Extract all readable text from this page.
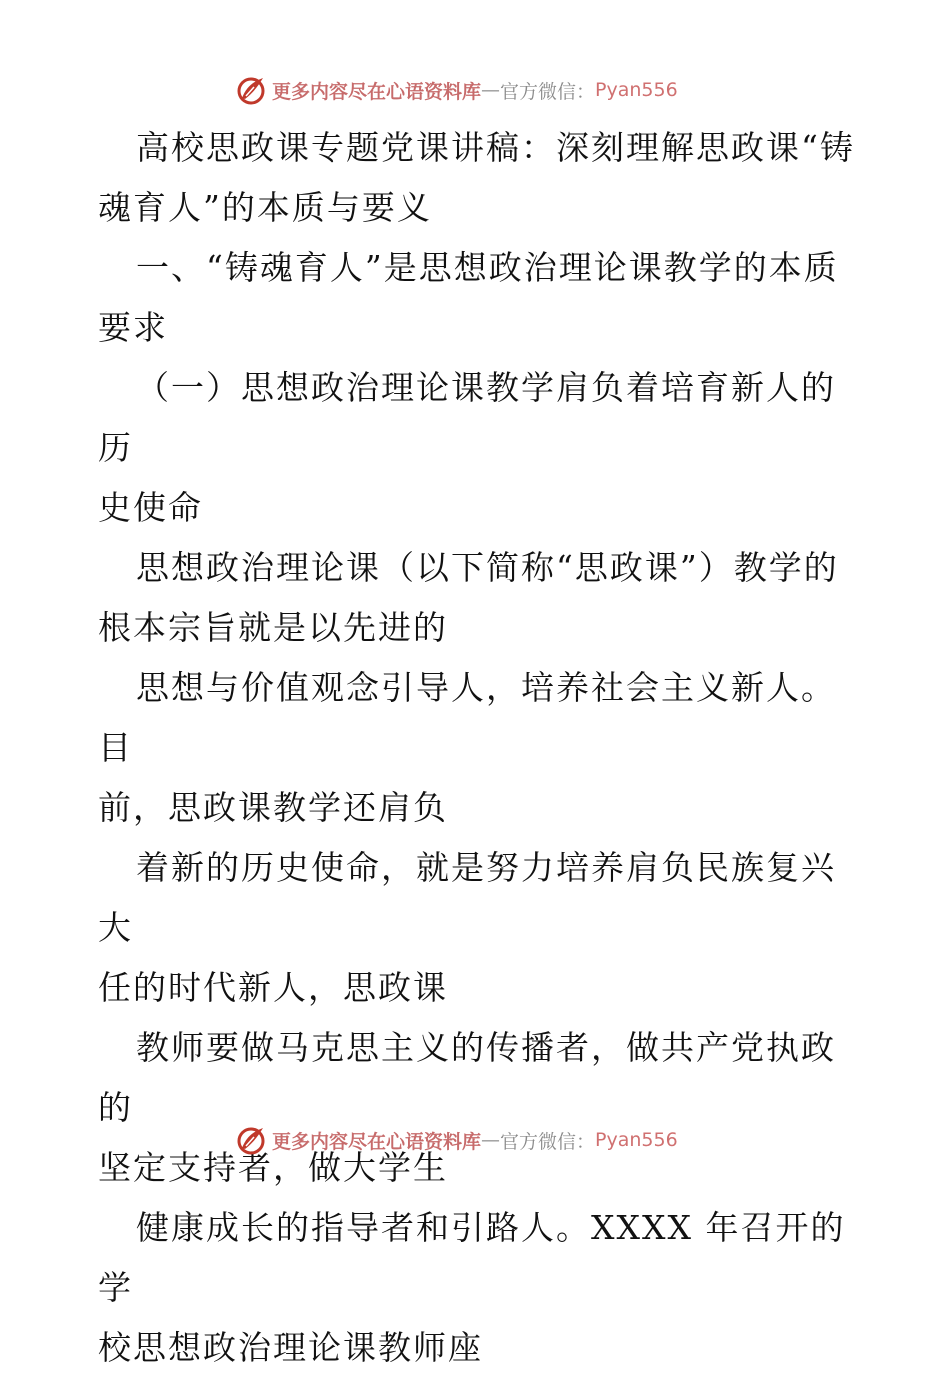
更多内容尽在心语资料库 — 官方微信： Pyan556

高校思政课专题党课讲稿：深刻理解思政课“铸
魂育人”的本质与要义

一、“铸魂育人”是思想政治理论课教学的本质
要求

（一）思想政治理论课教学肩负着培育新人的历
史使命

思想政治理论课（以下简称“思政课”）教学的
根本宗旨就是以先进的

思想与价值观念引导人，培养社会主义新人。目
前，思政课教学还肩负

着新的历史使命，就是努力培养肩负民族复兴大
任的时代新人，思政课

教师要做马克思主义的传播者，做共产党执政的
坚定支持者，做大学生

健康成长的指导者和引路人。XXXX 年召开的学
校思想政治理论课教师座

更多内容尽在心语资料库 — 官方微信： Pyan556
